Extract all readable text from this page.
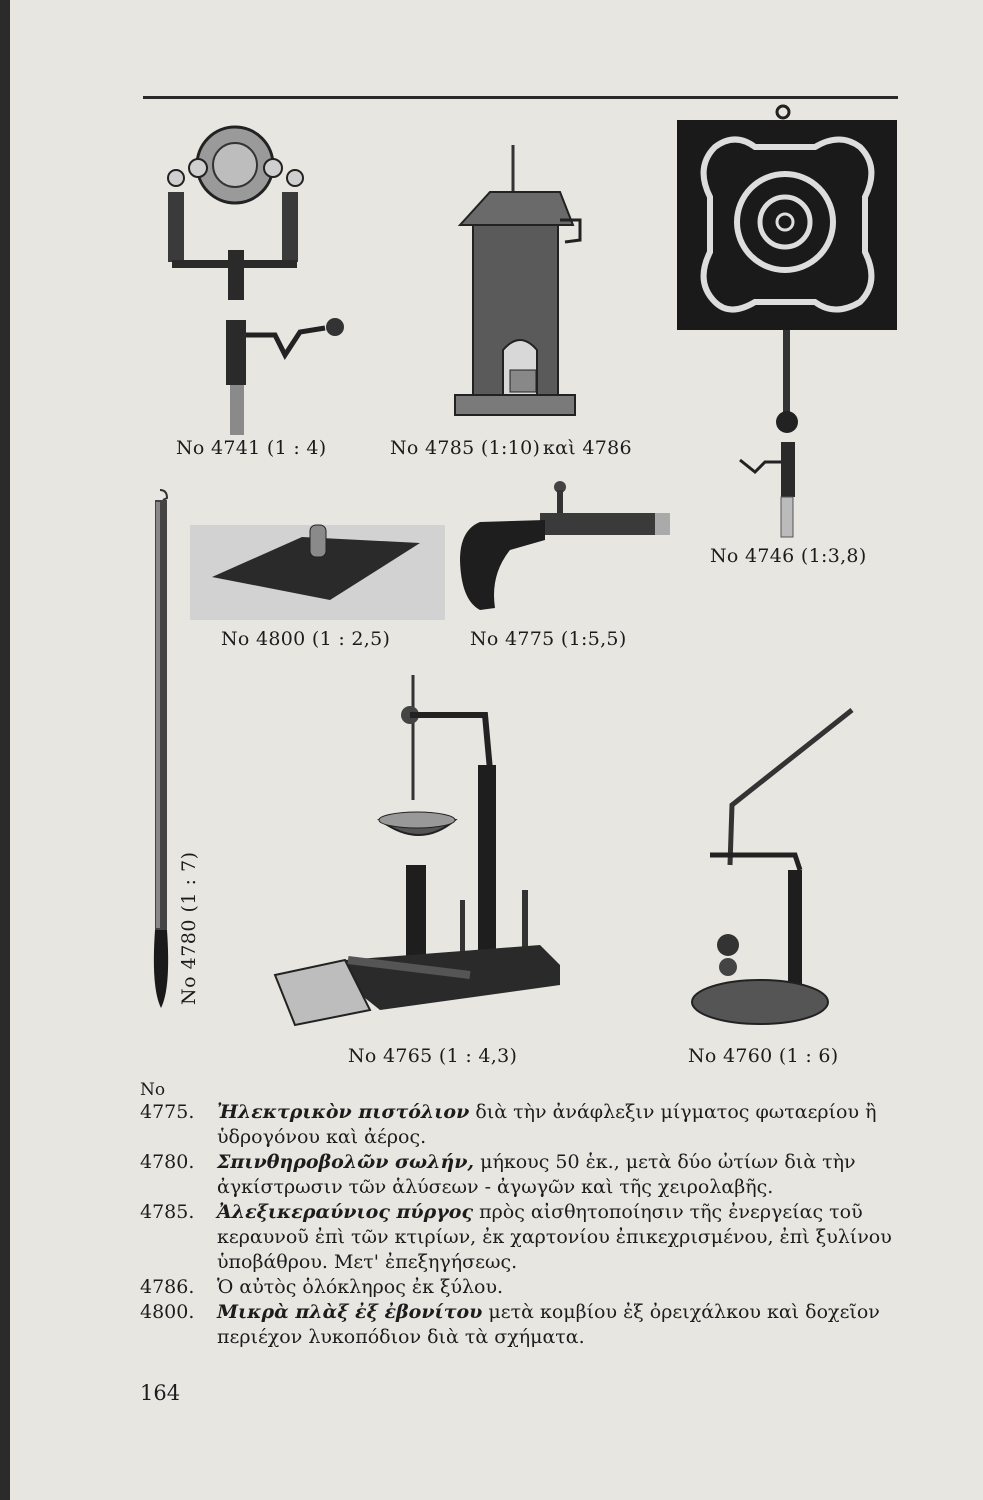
No 4741 (1 : 4)	No 4785 (1:10) καὶ 4786
No 4746 (1:3,8)
No 4800 (1 : 2,5)	No 4775 (1:5,5)
No 4780 (1 : 7)
No 4765 (1 : 4,3)	No 4760 (1 : 6)
No
4775. Ἠλεκτρικὸν πιστόλιον διὰ τὴν ἀνάφλεξιν μίγματος φωταερίου ἢ ὑδρογόνου καὶ ἀέρος.
4780. Σπινθηροβολῶν σωλήν, μήκους 50 ἑκ., μετὰ δύο ὠτίων διὰ τὴν ἀγκίστρωσιν τῶν ἁλύσεων - ἀγωγῶν καὶ τῆς χειρολαβῆς.
4785. Ἀλεξικεραύνιος πύργος πρὸς αἰσθητοποίησιν τῆς ἐνεργείας τοῦ κεραυνοῦ ἐπὶ τῶν κτιρίων, ἐκ χαρτονίου ἐπικεχρισμένου, ἐπὶ ξυλίνου ὑποβάθρου. Μετ' ἐπεξηγήσεως.
4786. Ὁ αὐτὸς ὁλόκληρος ἐκ ξύλου.
4800. Μικρὰ πλὰξ ἐξ ἐβονίτου μετὰ κομβίου ἐξ ὀρειχάλκου καὶ δοχεῖον περιέχον λυκοπόδιον διὰ τὰ σχήματα.
164
